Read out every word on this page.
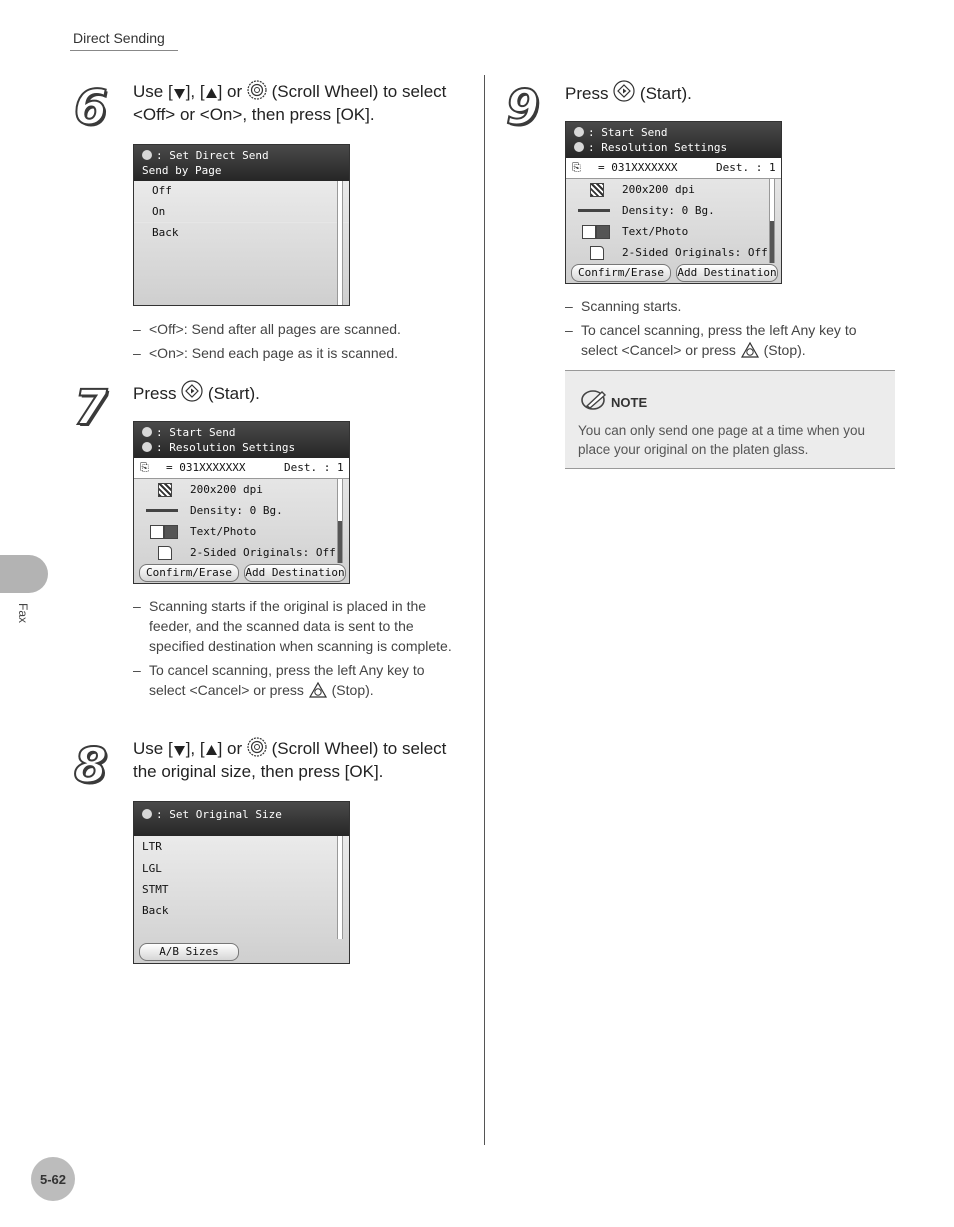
Direct Sending
Fax
5-62
6 Use [ ], [ ] or  (Scroll Wheel) to select
<Off> or <On>, then press [OK].
: Set Direct Send
Send by Page
Off
On
Back
– <Off>: Send after all pages are scanned.
– <On>: Send each page as it is scanned.
7 Press  (Start).
: Start Send
: Resolution Settings
⎘ = 031XXXXXXX	Dest. : 1
200x200 dpi
Density: 0 Bg.
Text/Photo
2-Sided Originals: Off
Confirm/Erase	Add Destination
– Scanning starts if the original is placed in the feeder, and the scanned data is sent to the specified destination when scanning is complete.
– To cancel scanning, press the left Any key to select <Cancel> or press  (Stop).
8 Use [ ], [ ] or  (Scroll Wheel) to select
the original size, then press [OK].
: Set Original Size
LTR
LGL
STMT
Back
A/B Sizes
9 Press  (Start).
: Start Send
: Resolution Settings
⎘ = 031XXXXXXX	Dest. : 1
200x200 dpi
Density: 0 Bg.
Text/Photo
2-Sided Originals: Off
Confirm/Erase	Add Destination
– Scanning starts.
– To cancel scanning, press the left Any key to select <Cancel> or press  (Stop).
NOTE
You can only send one page at a time when you place your original on the platen glass.
